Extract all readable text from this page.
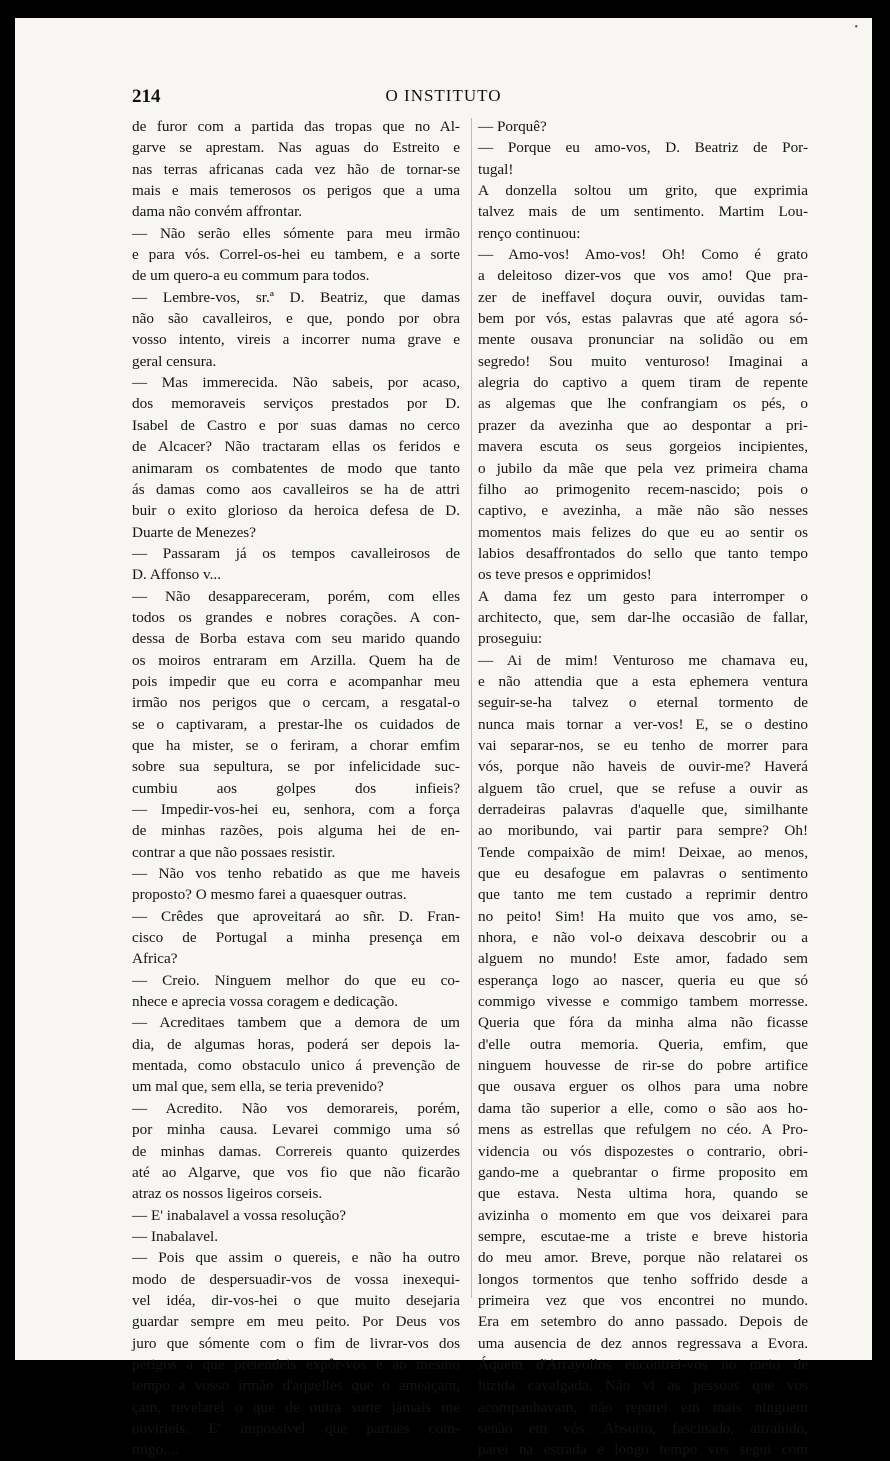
•
214	O INSTITUTO
de furor com a partida das tropas que no Al-
garve se aprestam. Nas aguas do Estreito e
nas terras africanas cada vez hão de tornar-se
mais e mais temerosos os perigos que a uma
dama não convém affrontar.
— Não serão elles sómente para meu irmão
e para vós. Correl-os-hei eu tambem, e a sorte
de um quero-a eu commum para todos.
— Lembre-vos, sr.ª D. Beatriz, que damas
não são cavalleiros, e que, pondo por obra
vosso intento, vireis a incorrer numa grave e
geral censura.
— Mas immerecida. Não sabeis, por acaso,
dos memoraveis serviços prestados por D.
Isabel de Castro e por suas damas no cerco
de Alcacer? Não tractaram ellas os feridos e
animaram os combatentes de modo que tanto
ás damas como aos cavalleiros se ha de attri
buir o exito glorioso da heroica defesa de D.
Duarte de Menezes?
— Passaram já os tempos cavalleirosos de
D. Affonso v...
— Não desappareceram, porém, com elles
todos os grandes e nobres corações. A con-
dessa de Borba estava com seu marido quando
os moiros entraram em Arzilla. Quem ha de
pois impedir que eu corra e acompanhar meu
irmão nos perigos que o cercam, a resgatal-o
se o captivaram, a prestar-lhe os cuidados de
que ha mister, se o feriram, a chorar emfim
sobre sua sepultura, se por infelicidade suc-
cumbiu aos golpes dos infieis?
— Impedir-vos-hei eu, senhora, com a força
de minhas razões, pois alguma hei de en-
contrar a que não possaes resistir.
— Não vos tenho rebatido as que me haveis
proposto? O mesmo farei a quaesquer outras.
— Crêdes que aproveitará ao sñr. D. Fran-
cisco de Portugal a minha presença em
Africa?
— Creio. Ninguem melhor do que eu co-
nhece e aprecia vossa coragem e dedicação.
— Acreditaes tambem que a demora de um
dia, de algumas horas, poderá ser depois la-
mentada, como obstaculo unico á prevenção de
um mal que, sem ella, se teria prevenido?
— Acredito. Não vos demorareis, porém,
por minha causa. Levarei commigo uma só
de minhas damas. Correreis quanto quizerdes
até ao Algarve, que vos fio que não ficarão
atraz os nossos ligeiros corseis.
— E' inabalavel a vossa resolução?
— Inabalavel.
— Pois que assim o quereis, e não ha outro
modo de despersuadir-vos de vossa inexequi-
vel idéa, dir-vos-hei o que muito desejaria
guardar sempre em meu peito. Por Deus vos
juro que sómente com o fim de livrar-vos dos
perigos a que pretendeis expôr-vos e ao mesmo
tempo a vosso irmão d'aquelles que o ameaçam,
çam, revelarei o que de outra sorte jámais me
ouvirieis. E' impossivel que partaes com-
migo....
— Porquê?
— Porque eu amo-vos, D. Beatriz de Por-
tugal!
A donzella soltou um grito, que exprimia
talvez mais de um sentimento. Martim Lou-
renço continuou:
— Amo-vos! Amo-vos! Oh! Como é grato
a deleitoso dizer-vos que vos amo! Que pra-
zer de ineffavel doçura ouvir, ouvidas tam-
bem por vós, estas palavras que até agora só-
mente ousava pronunciar na solidão ou em
segredo! Sou muito venturoso! Imaginai a
alegria do captivo a quem tiram de repente
as algemas que lhe confrangiam os pés, o
prazer da avezinha que ao despontar a pri-
mavera escuta os seus gorgeios incipientes,
o jubilo da mãe que pela vez primeira chama
filho ao primogenito recem-nascido; pois o
captivo, e avezinha, a mãe não são nesses
momentos mais felizes do que eu ao sentir os
labios desaffrontados do sello que tanto tempo
os teve presos e opprimidos!
A dama fez um gesto para interromper o
architecto, que, sem dar-lhe occasião de fallar,
proseguiu:
— Ai de mim! Venturoso me chamava eu,
e não attendia que a esta ephemera ventura
seguir-se-ha talvez o eternal tormento de
nunca mais tornar a ver-vos! E, se o destino
vai separar-nos, se eu tenho de morrer para
vós, porque não haveis de ouvir-me? Haverá
alguem tão cruel, que se refuse a ouvir as
derradeiras palavras d'aquelle que, similhante
ao moribundo, vai partir para sempre? Oh!
Tende compaixão de mim! Deixae, ao menos,
que eu desafogue em palavras o sentimento
que tanto me tem custado a reprimir dentro
no peito! Sim! Ha muito que vos amo, se-
nhora, e não vol-o deixava descobrir ou a
alguem no mundo! Este amor, fadado sem
esperança logo ao nascer, queria eu que só
commigo vivesse e commigo tambem morresse.
Queria que fóra da minha alma não ficasse
d'elle outra memoria. Queria, emfim, que
ninguem houvesse de rir-se do pobre artifice
que ousava erguer os olhos para uma nobre
dama tão superior a elle, como o são aos ho-
mens as estrellas que refulgem no céo. A Pro-
videncia ou vós dispozestes o contrario, obri-
gando-me a quebrantar o firme proposito em
que estava. Nesta ultima hora, quando se
avizinha o momento em que vos deixarei para
sempre, escutae-me a triste e breve historia
do meu amor. Breve, porque não relatarei os
longos tormentos que tenho soffrido desde a
primeira vez que vos encontrei no mundo.
Era em setembro do anno passado. Depois de
uma ausencia de dez annos regressava a Evora.
Áquem d'Arrayollos encontrei-vos no meio de
luzida cavalgada. Não vi as pessoas que vos
acompanhavam, não reparei em mais ninguem
senão em vós. Absorto, fascinado, attrahido,
parei na estrada e longo tempo vos segui com
